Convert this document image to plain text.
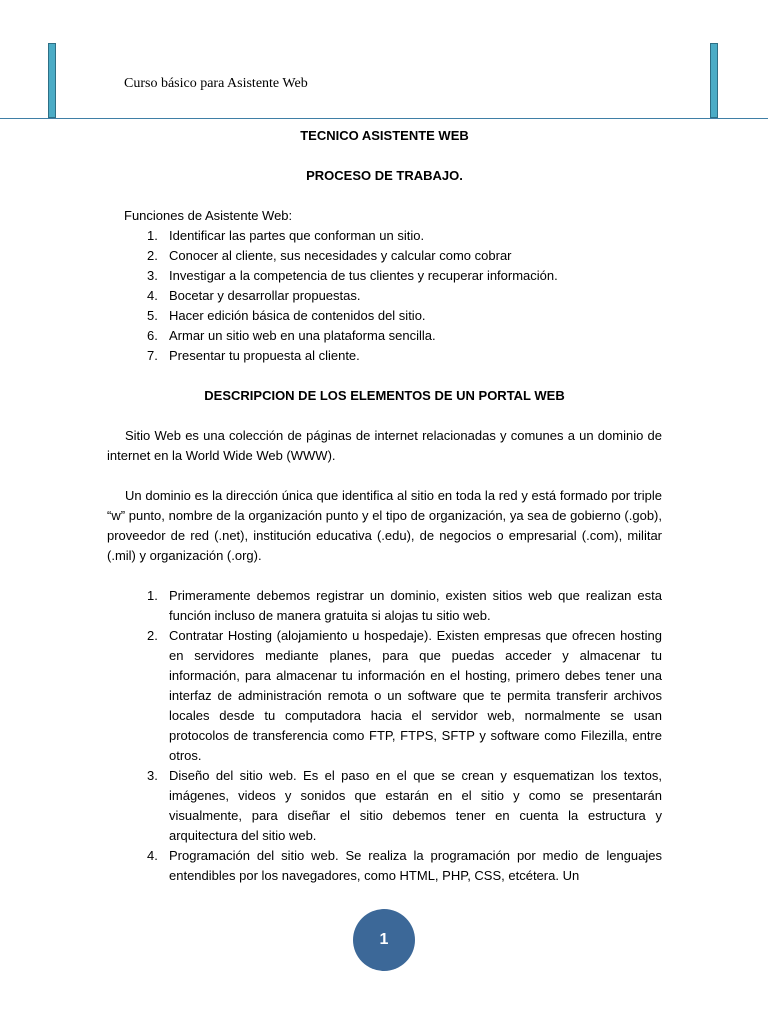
Curso básico para Asistente Web

TECNICO ASISTENTE WEB

PROCESO DE TRABAJO.

Funciones de Asistente Web:

1. Identificar las partes que conforman un sitio.
2. Conocer al cliente, sus necesidades y calcular como cobrar
3. Investigar a la competencia de tus clientes y recuperar información.
4. Bocetar y desarrollar propuestas.
5. Hacer edición básica de contenidos del sitio.
6. Armar un sitio web en una plataforma sencilla.
7. Presentar tu propuesta al cliente.

DESCRIPCION DE LOS ELEMENTOS DE UN PORTAL WEB

Sitio Web es una colección de páginas de internet relacionadas y comunes a un dominio de internet en la World Wide Web (WWW).

Un dominio es la dirección única que identifica al sitio en toda la red y está formado por triple “w” punto, nombre de la organización punto y el tipo de organización, ya sea de gobierno (.gob), proveedor de red (.net), institución educativa (.edu), de negocios o empresarial (.com), militar (.mil) y organización (.org).

1. Primeramente debemos registrar un dominio, existen sitios web que realizan esta función incluso de manera gratuita si alojas tu sitio web.
2. Contratar Hosting (alojamiento u hospedaje). Existen empresas que ofrecen hosting en servidores mediante planes, para que puedas acceder y almacenar tu información, para almacenar tu información en el hosting, primero debes tener una interfaz de administración remota o un software que te permita transferir archivos locales desde tu computadora hacia el servidor web, normalmente se usan protocolos de transferencia como FTP, FTPS, SFTP y software como Filezilla, entre otros.
3. Diseño del sitio web. Es el paso en el que se crean y esquematizan los textos, imágenes, videos y sonidos que estarán en el sitio y como se presentarán visualmente, para diseñar el sitio debemos tener en cuenta la estructura y arquitectura del sitio web.
4. Programación del sitio web. Se realiza la programación por medio de lenguajes entendibles por los navegadores, como HTML, PHP, CSS, etcétera. Un
1
